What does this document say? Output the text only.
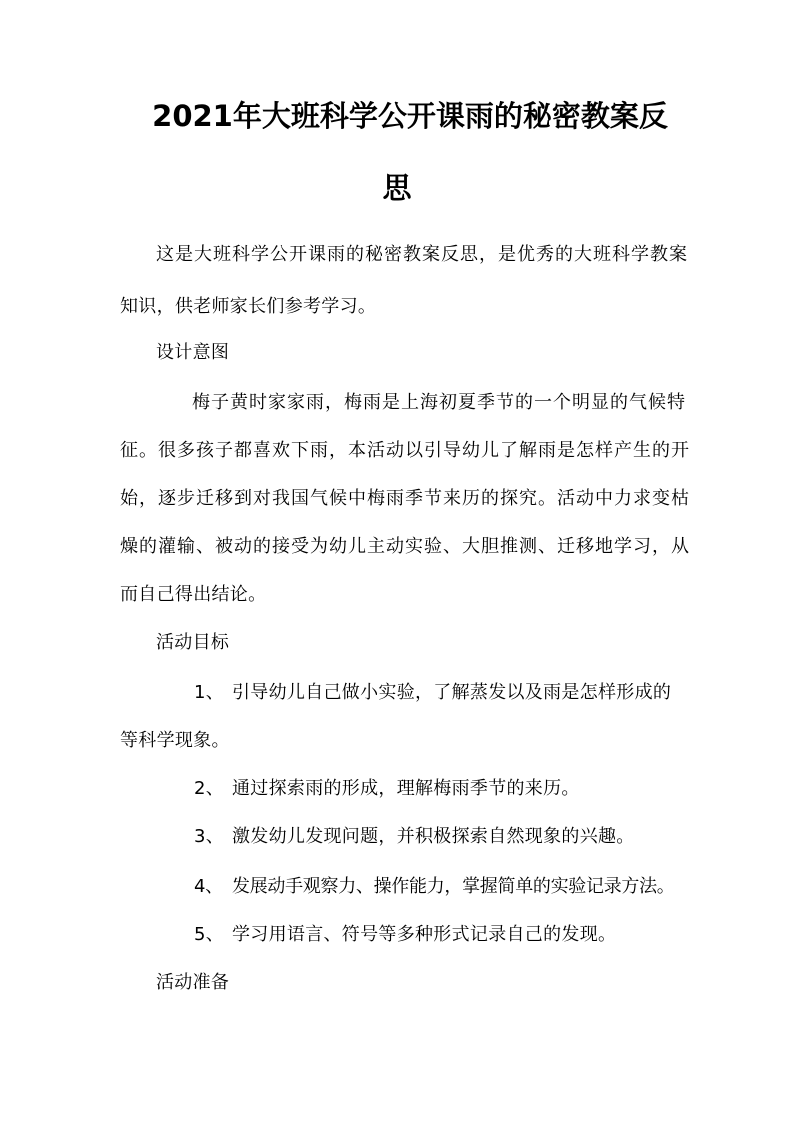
2021年大班科学公开课雨的秘密教案反
思
这是大班科学公开课雨的秘密教案反思，是优秀的大班科学教案
知识，供老师家长们参考学习。
设计意图
梅子黄时家家雨，梅雨是上海初夏季节的一个明显的气候特
征。很多孩子都喜欢下雨，本活动以引导幼儿了解雨是怎样产生的开
始，逐步迁移到对我国气候中梅雨季节来历的探究。活动中力求变枯
燥的灌输、被动的接受为幼儿主动实验、大胆推测、迁移地学习，从
而自己得出结论。
活动目标
1、 引导幼儿自己做小实验，了解蒸发以及雨是怎样形成的
等科学现象。
2、 通过探索雨的形成，理解梅雨季节的来历。
3、 激发幼儿发现问题，并积极探索自然现象的兴趣。
4、 发展动手观察力、操作能力，掌握简单的实验记录方法。
5、 学习用语言、符号等多种形式记录自己的发现。
活动准备
